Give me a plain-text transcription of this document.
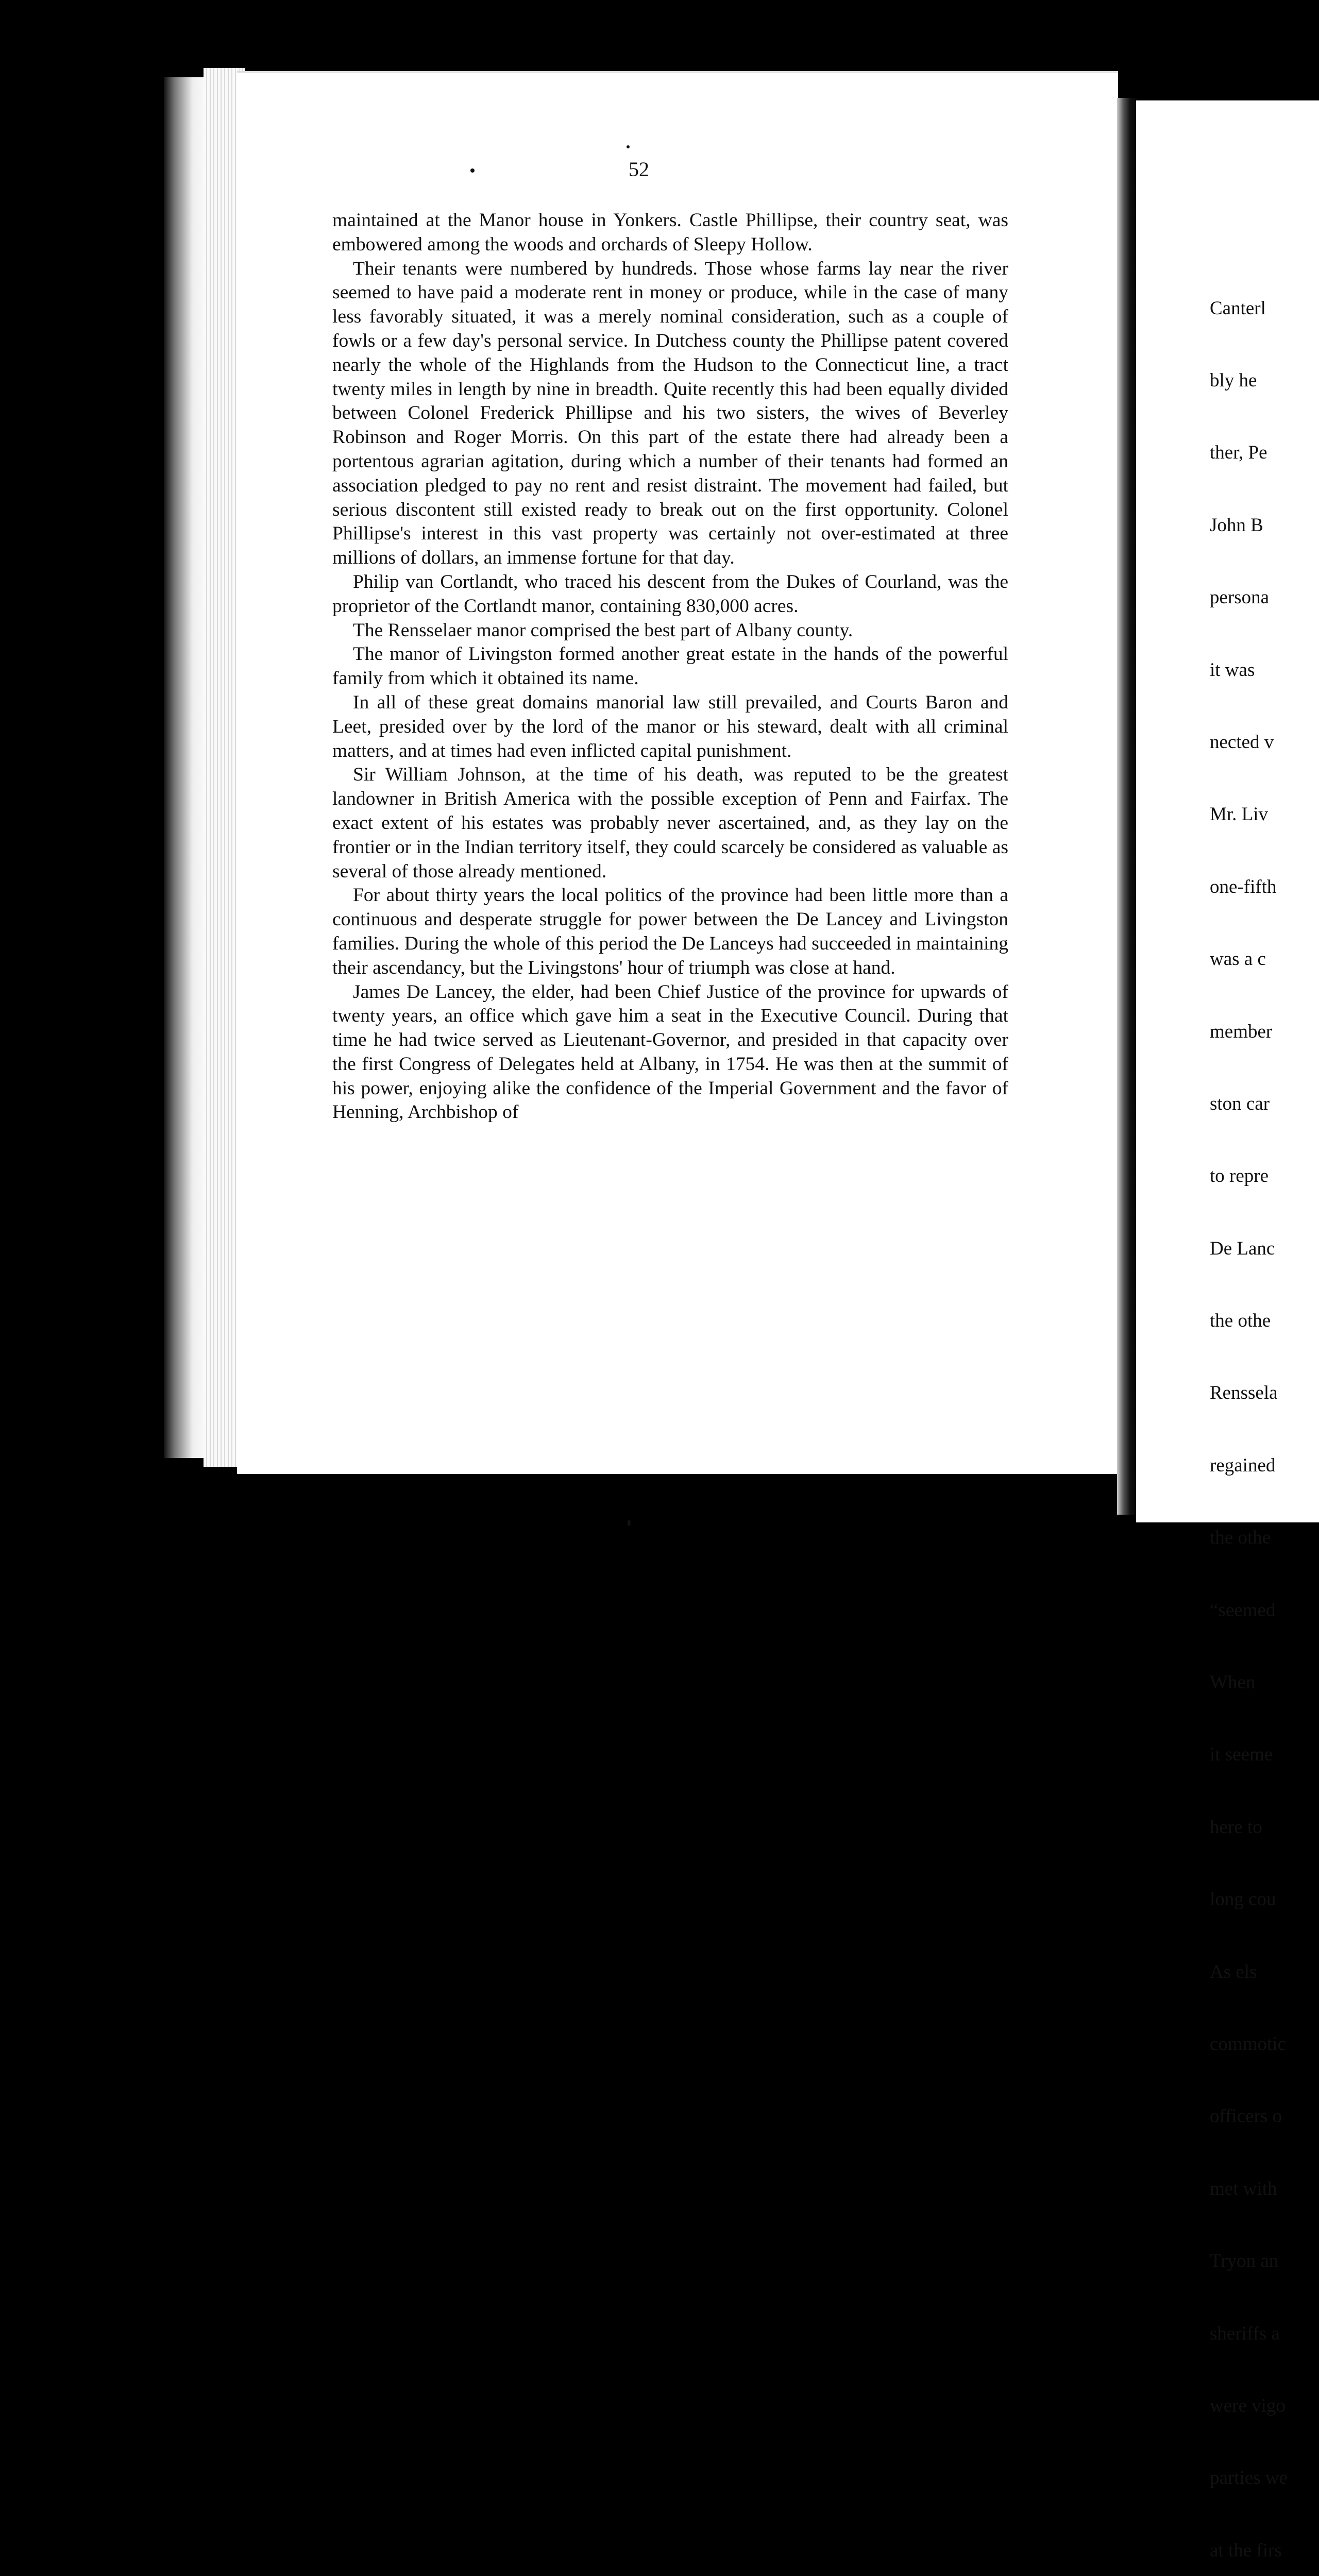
52

maintained at the Manor house in Yonkers. Castle Phillipse, their country seat, was embowered among the woods and orchards of Sleepy Hollow.

Their tenants were numbered by hundreds. Those whose farms lay near the river seemed to have paid a moderate rent in money or produce, while in the case of many less favorably situated, it was a merely nominal consideration, such as a couple of fowls or a few day's personal service. In Dutchess county the Phillipse patent covered nearly the whole of the Highlands from the Hudson to the Connecticut line, a tract twenty miles in length by nine in breadth. Quite recently this had been equally divided between Colonel Frederick Phillipse and his two sisters, the wives of Beverley Robinson and Roger Morris. On this part of the estate there had already been a portentous agrarian agitation, during which a number of their tenants had formed an association pledged to pay no rent and resist distraint. The movement had failed, but serious discontent still existed ready to break out on the first opportunity. Colonel Phillipse's interest in this vast property was certainly not over-estimated at three millions of dollars, an immense fortune for that day.

Philip van Cortlandt, who traced his descent from the Dukes of Courland, was the proprietor of the Cortlandt manor, containing 830,000 acres.

The Rensselaer manor comprised the best part of Albany county.

The manor of Livingston formed another great estate in the hands of the powerful family from which it obtained its name.

In all of these great domains manorial law still prevailed, and Courts Baron and Leet, presided over by the lord of the manor or his steward, dealt with all criminal matters, and at times had even inflicted capital punishment.

Sir William Johnson, at the time of his death, was reputed to be the greatest landowner in British America with the possible exception of Penn and Fairfax. The exact extent of his estates was probably never ascertained, and, as they lay on the frontier or in the Indian territory itself, they could scarcely be considered as valuable as several of those already mentioned.

For about thirty years the local politics of the province had been little more than a continuous and desperate struggle for power between the De Lancey and Livingston families. During the whole of this period the De Lanceys had succeeded in maintaining their ascendancy, but the Livingstons' hour of triumph was close at hand.

James De Lancey, the elder, had been Chief Justice of the province for upwards of twenty years, an office which gave him a seat in the Executive Council. During that time he had twice served as Lieutenant-Governor, and presided in that capacity over the first Congress of Delegates held at Albany, in 1754. He was then at the summit of his power, enjoying alike the confidence of the Imperial Government and the favor of Henning, Archbishop of

Canterl

bly he

ther, Pe

John B

persona

it was

nected v

Mr. Liv

one-fifth

was a c

member

ston car

to repre

De Lanc

the othe

Rensselа

regained

the othe

“seemed

When

it seeme

here to

long cou

As els

commotic

officers o

met with

Tryon an

sheriffs a

were vigo

parties we

at the firs
